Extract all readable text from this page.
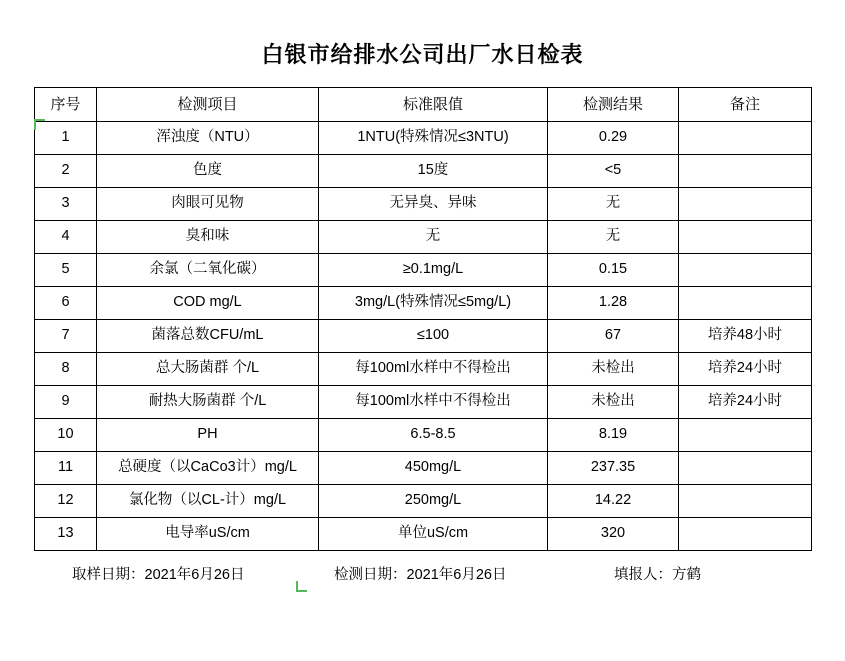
白银市给排水公司出厂水日检表
序号	检测项目	标准限值	检测结果	备注
1	浑浊度（NTU）	1NTU(特殊情况≤3NTU)	0.29	
2	色度	15度	<5	
3	肉眼可见物	无异臭、异味	无	
4	臭和味	无	无	
5	余氯（二氧化碳）	≥0.1mg/L	0.15	
6	COD mg/L	3mg/L(特殊情况≤5mg/L)	1.28	
7	菌落总数CFU/mL	≤100	67	培养48小时
8	总大肠菌群 个/L	每100ml水样中不得检出	未检出	培养24小时
9	耐热大肠菌群 个/L	每100ml水样中不得检出	未检出	培养24小时
10	PH	6.5-8.5	8.19	
11	总硬度（以CaCo3计）mg/L	450mg/L	237.35	
12	氯化物（以CL-计）mg/L	250mg/L	14.22	
13	电导率uS/cm	单位uS/cm	320	
取样日期：2021年6月26日	检测日期：2021年6月26日	填报人：方鹤
